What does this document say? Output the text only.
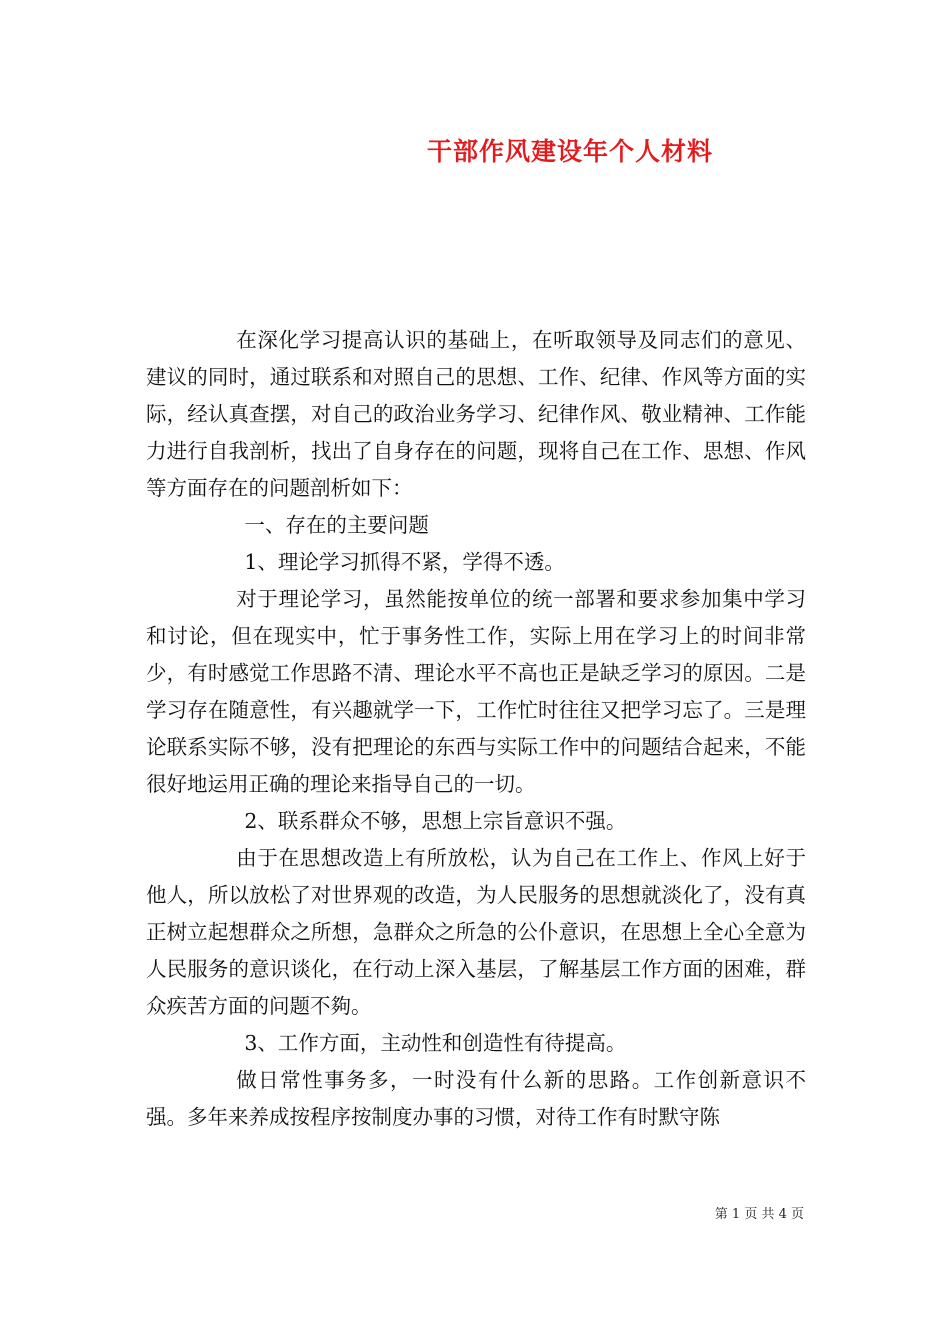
干部作风建设年个人材料

在深化学习提高认识的基础上，在听取领导及同志们的意见、建议的同时，通过联系和对照自己的思想、工作、纪律、作风等方面的实际，经认真查摆，对自己的政治业务学习、纪律作风、敬业精神、工作能力进行自我剖析，找出了自身存在的问题，现将自己在工作、思想、作风等方面存在的问题剖析如下：

一、存在的主要问题

1、理论学习抓得不紧，学得不透。

对于理论学习，虽然能按单位的统一部署和要求参加集中学习和讨论，但在现实中，忙于事务性工作，实际上用在学习上的时间非常少，有时感觉工作思路不清、理论水平不高也正是缺乏学习的原因。二是学习存在随意性，有兴趣就学一下，工作忙时往往又把学习忘了。三是理论联系实际不够，没有把理论的东西与实际工作中的问题结合起来，不能很好地运用正确的理论来指导自己的一切。

2、联系群众不够，思想上宗旨意识不强。

由于在思想改造上有所放松，认为自己在工作上、作风上好于他人，所以放松了对世界观的改造，为人民服务的思想就淡化了，没有真正树立起想群众之所想，急群众之所急的公仆意识，在思想上全心全意为人民服务的意识谈化，在行动上深入基层，了解基层工作方面的困难，群众疾苦方面的问题不夠。

3、工作方面，主动性和创造性有待提高。

做日常性事务多，一时没有什么新的思路。工作创新意识不强。多年来养成按程序按制度办事的习惯，对待工作有时默守陈

第 1 页 共 4 页
